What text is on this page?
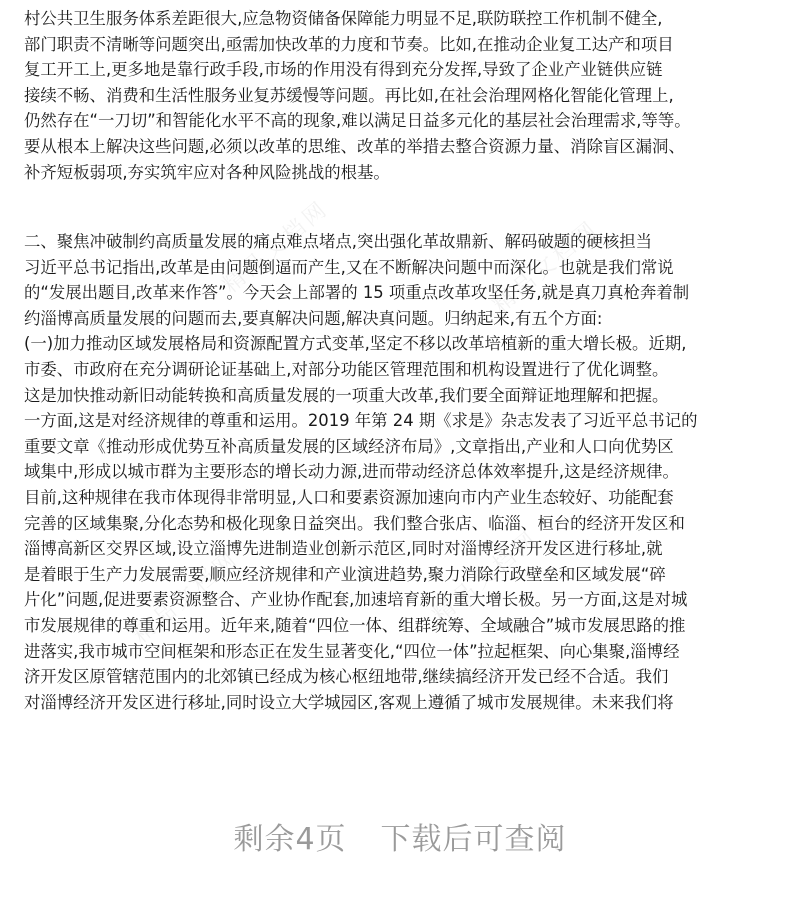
精品文档网	精品文档网
精品文档网	精品文档网
村公共卫生服务体系差距很大,应急物资储备保障能力明显不足,联防联控工作机制不健全,
部门职责不清晰等问题突出,亟需加快改革的力度和节奏。比如,在推动企业复工达产和项目
复工开工上,更多地是靠行政手段,市场的作用没有得到充分发挥,导致了企业产业链供应链
接续不畅、消费和生活性服务业复苏缓慢等问题。再比如,在社会治理网格化智能化管理上,
仍然存在“一刀切”和智能化水平不高的现象,难以满足日益多元化的基层社会治理需求,等等。
要从根本上解决这些问题,必须以改革的思维、改革的举措去整合资源力量、消除盲区漏洞、
补齐短板弱项,夯实筑牢应对各种风险挑战的根基。
二、聚焦冲破制约高质量发展的痛点难点堵点,突出强化革故鼎新、解码破题的硬核担当
习近平总书记指出,改革是由问题倒逼而产生,又在不断解决问题中而深化。也就是我们常说
的“发展出题目,改革来作答”。今天会上部署的 15 项重点改革攻坚任务,就是真刀真枪奔着制
约淄博高质量发展的问题而去,要真解决问题,解决真问题。归纳起来,有五个方面:
(一)加力推动区域发展格局和资源配置方式变革,坚定不移以改革培植新的重大增长极。近期,
市委、市政府在充分调研论证基础上,对部分功能区管理范围和机构设置进行了优化调整。
这是加快推动新旧动能转换和高质量发展的一项重大改革,我们要全面辩证地理解和把握。
一方面,这是对经济规律的尊重和运用。2019 年第 24 期《求是》杂志发表了习近平总书记的
重要文章《推动形成优势互补高质量发展的区域经济布局》,文章指出,产业和人口向优势区
域集中,形成以城市群为主要形态的增长动力源,进而带动经济总体效率提升,这是经济规律。
目前,这种规律在我市体现得非常明显,人口和要素资源加速向市内产业生态较好、功能配套
完善的区域集聚,分化态势和极化现象日益突出。我们整合张店、临淄、桓台的经济开发区和
淄博高新区交界区域,设立淄博先进制造业创新示范区,同时对淄博经济开发区进行移址,就
是着眼于生产力发展需要,顺应经济规律和产业演进趋势,聚力消除行政壁垒和区域发展“碎
片化”问题,促进要素资源整合、产业协作配套,加速培育新的重大增长极。另一方面,这是对城
市发展规律的尊重和运用。近年来,随着“四位一体、组群统筹、全域融合”城市发展思路的推
进落实,我市城市空间框架和形态正在发生显著变化,“四位一体”拉起框架、向心集聚,淄博经
济开发区原管辖范围内的北郊镇已经成为核心枢纽地带,继续搞经济开发已经不合适。我们
对淄博经济开发区进行移址,同时设立大学城园区,客观上遵循了城市发展规律。未来我们将
剩余4页 下载后可查阅
